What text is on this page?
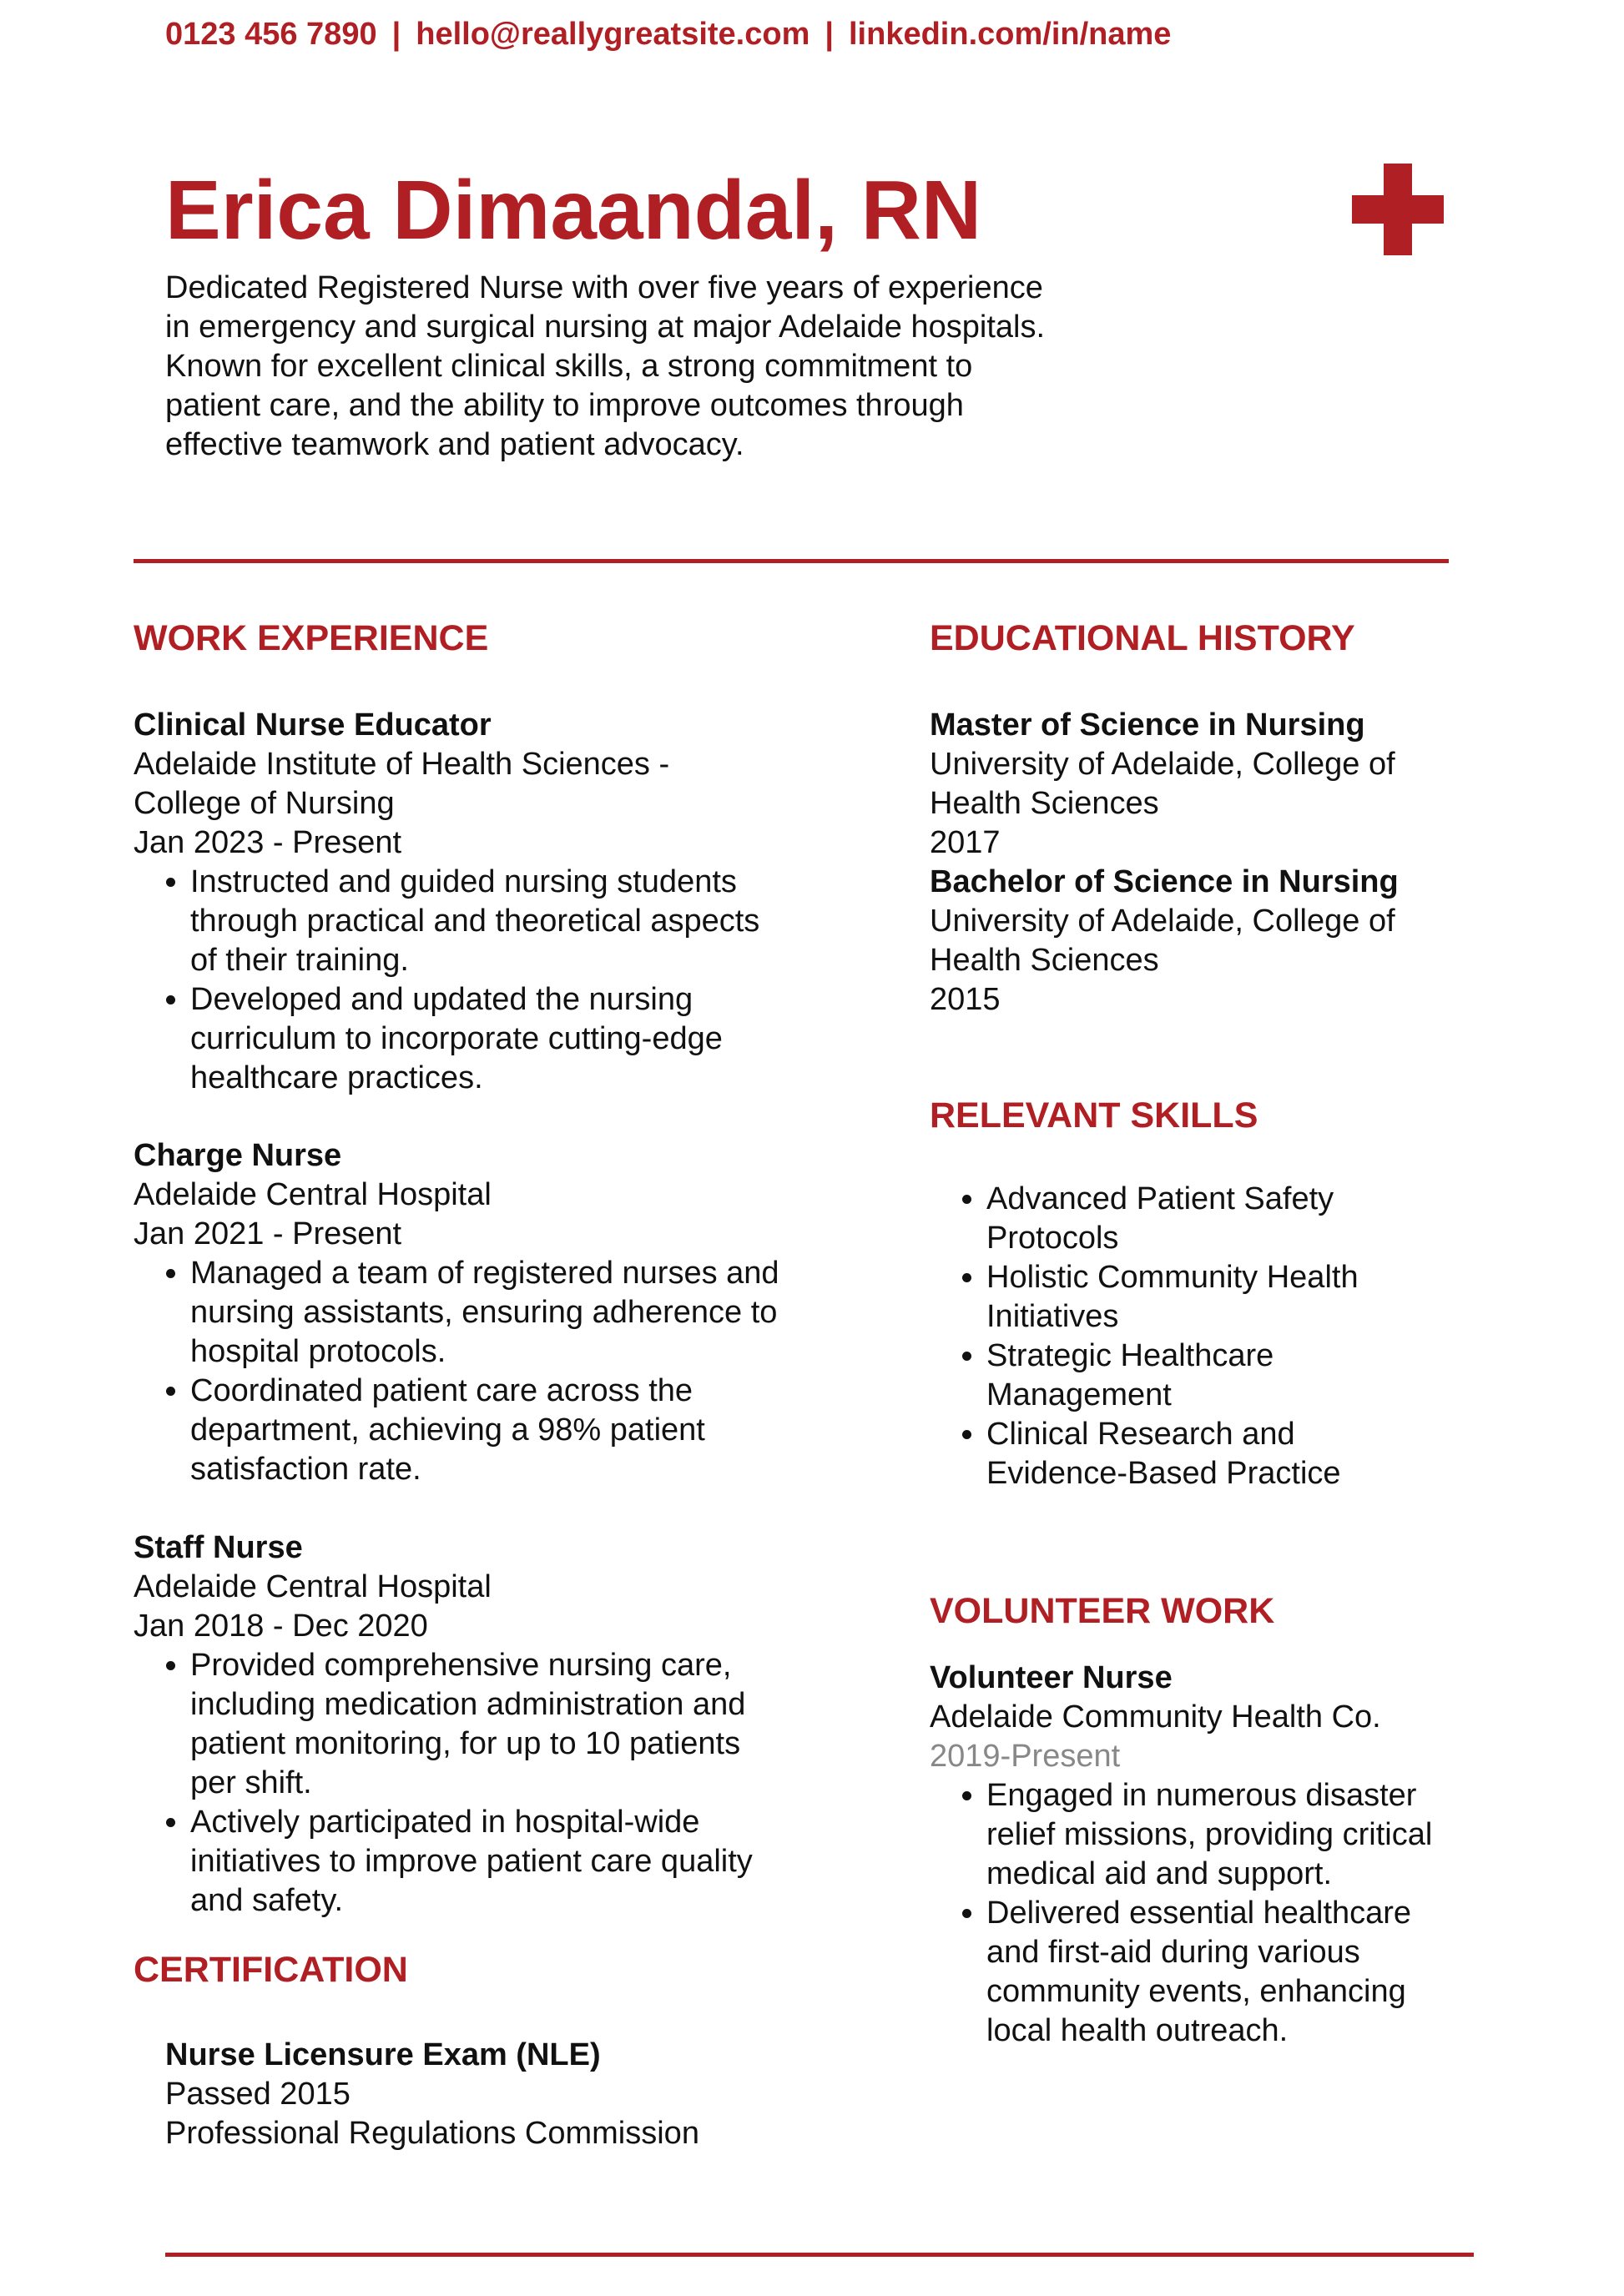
0123 456 7890 | hello@reallygreatsite.com | linkedin.com/in/name
Erica Dimaandal, RN

Dedicated Registered Nurse with over five years of experience in emergency and surgical nursing at major Adelaide hospitals. Known for excellent clinical skills, a strong commitment to patient care, and the ability to improve outcomes through effective teamwork and patient advocacy.

WORK EXPERIENCE
Clinical Nurse Educator
Adelaide Institute of Health Sciences -
College of Nursing
Jan 2023 - Present
• Instructed and guided nursing students through practical and theoretical aspects of their training.
• Developed and updated the nursing curriculum to incorporate cutting-edge healthcare practices.
Charge Nurse
Adelaide Central Hospital
Jan 2021 - Present
• Managed a team of registered nurses and nursing assistants, ensuring adherence to hospital protocols.
• Coordinated patient care across the department, achieving a 98% patient satisfaction rate.
Staff Nurse
Adelaide Central Hospital
Jan 2018 - Dec 2020
• Provided comprehensive nursing care, including medication administration and patient monitoring, for up to 10 patients per shift.
• Actively participated in hospital-wide initiatives to improve patient care quality and safety.
CERTIFICATION
Nurse Licensure Exam (NLE)
Passed 2015
Professional Regulations Commission
EDUCATIONAL HISTORY
Master of Science in Nursing
University of Adelaide, College of
Health Sciences
2017
Bachelor of Science in Nursing
University of Adelaide, College of
Health Sciences
2015
RELEVANT SKILLS
• Advanced Patient Safety Protocols
• Holistic Community Health Initiatives
• Strategic Healthcare Management
• Clinical Research and Evidence-Based Practice
VOLUNTEER WORK
Volunteer Nurse
Adelaide Community Health Co.
2019-Present
• Engaged in numerous disaster relief missions, providing critical medical aid and support.
• Delivered essential healthcare and first-aid during various community events, enhancing local health outreach.
